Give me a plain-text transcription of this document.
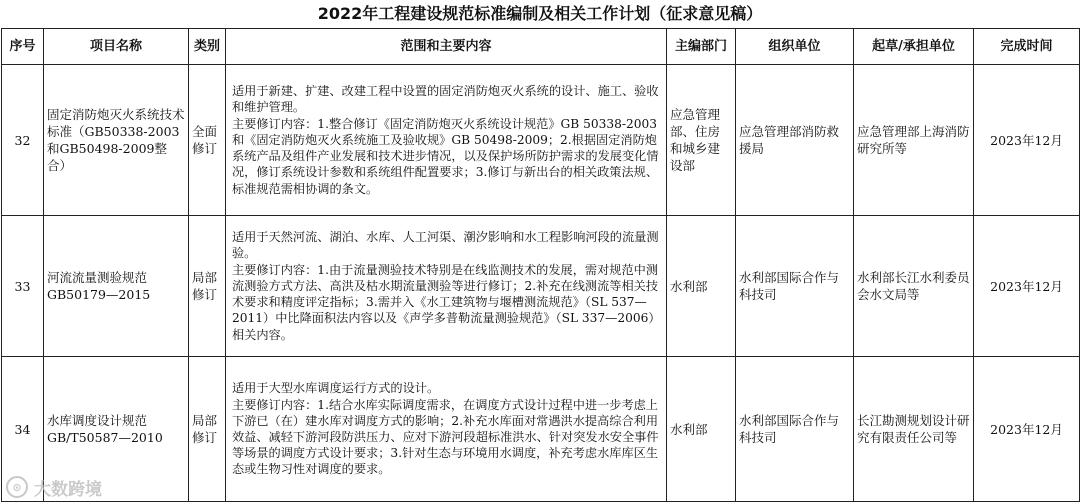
2022年工程建设规范标准编制及相关工作计划（征求意见稿）
序号	项目名称	类别	范围和主要内容	主编部门	组织单位	起草/承担单位	完成时间
32	固定消防炮灭火系统技术标准（GB50338-2003和GB50498-2009整合）	全面修订	适用于新建、扩建、改建工程中设置的固定消防炮灭火系统的设计、施工、验收和维护管理。
主要修订内容：1.整合修订《固定消防炮灭火系统设计规范》GB 50338-2003和《固定消防炮灭火系统施工及验收规》GB 50498-2009；2.根据固定消防炮系统产品及组件产业发展和技术进步情况，以及保护场所防护需求的发展变化情况，修订系统设计参数和系统组件配置要求；3.修订与新出台的相关政策法规、标准规范需相协调的条文。	应急管理部、住房和城乡建设部	应急管理部消防救援局	应急管理部上海消防研究所等	2023年12月
33	河流流量测验规范GB50179—2015	局部修订	适用于天然河流、湖泊、水库、人工河渠、潮汐影响和水工程影响河段的流量测验。
主要修订内容：1.由于流量测验技术特别是在线监测技术的发展，需对规范中测流测验方式方法、高洪及枯水期流量测验等进行修订；2.补充在线测流等相关技术要求和精度评定指标；3.需并入《水工建筑物与堰槽测流规范》（SL 537—2011）中比降面积法内容以及《声学多普勒流量测验规范》（SL 337—2006）相关内容。	水利部	水利部国际合作与科技司	水利部长江水利委员会水文局等	2023年12月
34	水库调度设计规范GB/T50587—2010	局部修订	适用于大型水库调度运行方式的设计。
主要修订内容：1.结合水库实际调度需求，在调度方式设计过程中进一步考虑上下游已（在）建水库对调度方式的影响；2.补充水库面对常遇洪水提高综合利用效益、减轻下游河段防洪压力、应对下游河段超标准洪水、针对突发水安全事件等场景的调度方式设计要求；3.针对生态与环境用水调度，补充考虑水库库区生态或生物习性对调度的要求。	水利部	水利部国际合作与科技司	长江勘测规划设计研究有限责任公司等	2023年12月
⊙ 大数跨境
